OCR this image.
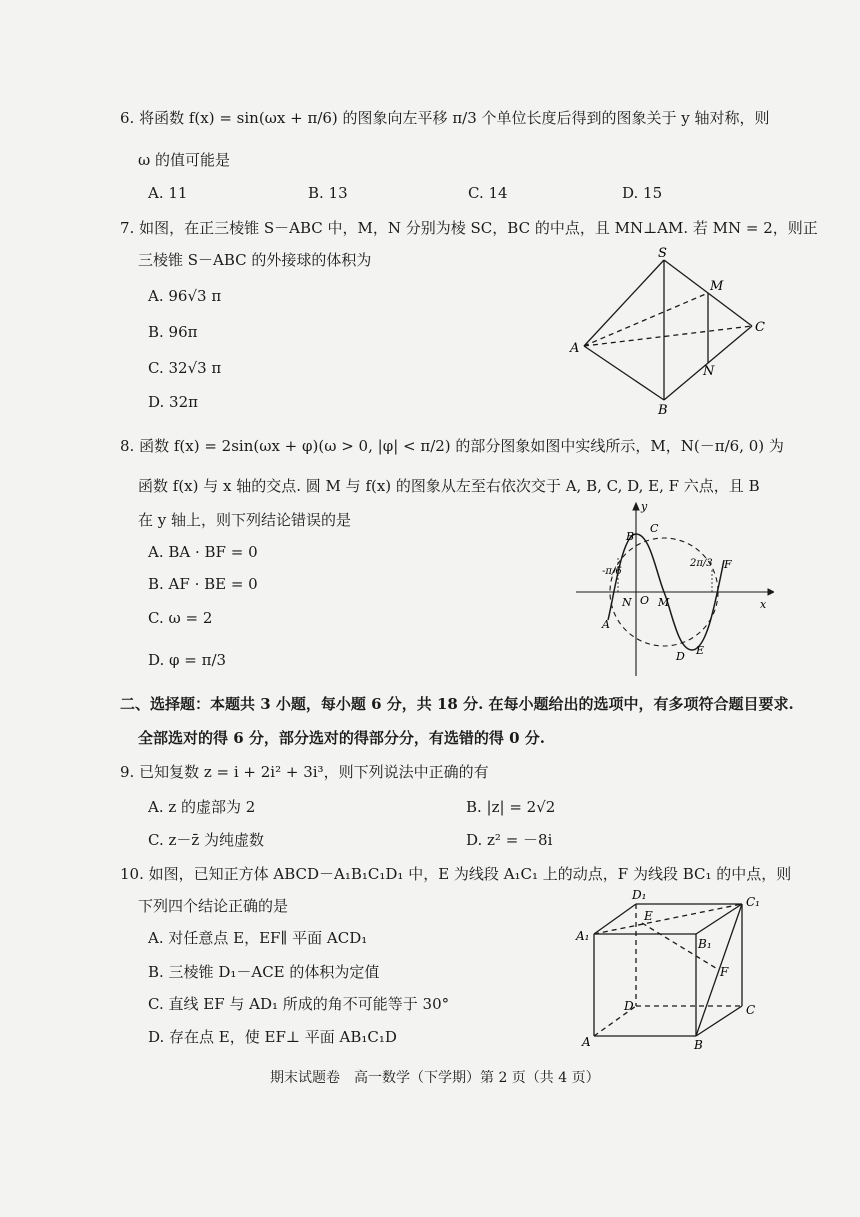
6. 将函数 f(x) = sin(ωx + π/6) 的图象向左平移 π/3 个单位长度后得到的图象关于 y 轴对称，则
ω 的值可能是
A. 11	B. 13	C. 14	D. 15
7. 如图，在正三棱锥 S－ABC 中，M，N 分别为棱 SC，BC 的中点，且 MN⊥AM. 若 MN = 2，则正
三棱锥 S－ABC 的外接球的体积为
A. 96√3 π
B. 96π
C. 32√3 π
D. 32π
S
M
C
A
N
B
8. 函数 f(x) = 2sin(ωx + φ)(ω > 0, |φ| < π/2) 的部分图象如图中实线所示，M，N(－π/6, 0) 为
函数 f(x) 与 x 轴的交点. 圆 M 与 f(x) 的图象从左至右依次交于 A, B, C, D, E, F 六点，且 B
在 y 轴上，则下列结论错误的是
A. BA · BF = 0
B. AF · BE = 0
C. ω = 2
D. φ = π/3
y
B
C
-π/6
2π/3 F
N O M	x
A
D E
二、选择题：本题共 3 小题，每小题 6 分，共 18 分. 在每小题给出的选项中，有多项符合题目要求.
全部选对的得 6 分，部分选对的得部分分，有选错的得 0 分.
9. 已知复数 z = i + 2i² + 3i³，则下列说法中正确的有
A. z 的虚部为 2	B. |z| = 2√2
C. z－z̄ 为纯虚数	D. z² = －8i
10. 如图，已知正方体 ABCD－A₁B₁C₁D₁ 中，E 为线段 A₁C₁ 上的动点，F 为线段 BC₁ 的中点，则
下列四个结论正确的是
A. 对任意点 E，EF∥ 平面 ACD₁
B. 三棱锥 D₁－ACE 的体积为定值
C. 直线 EF 与 AD₁ 所成的角不可能等于 30°
D. 存在点 E，使 EF⊥ 平面 AB₁C₁D
D₁
E
C₁
A₁
B₁
F
D	C
A	B
期末试题卷　高一数学（下学期）第 2 页（共 4 页）
